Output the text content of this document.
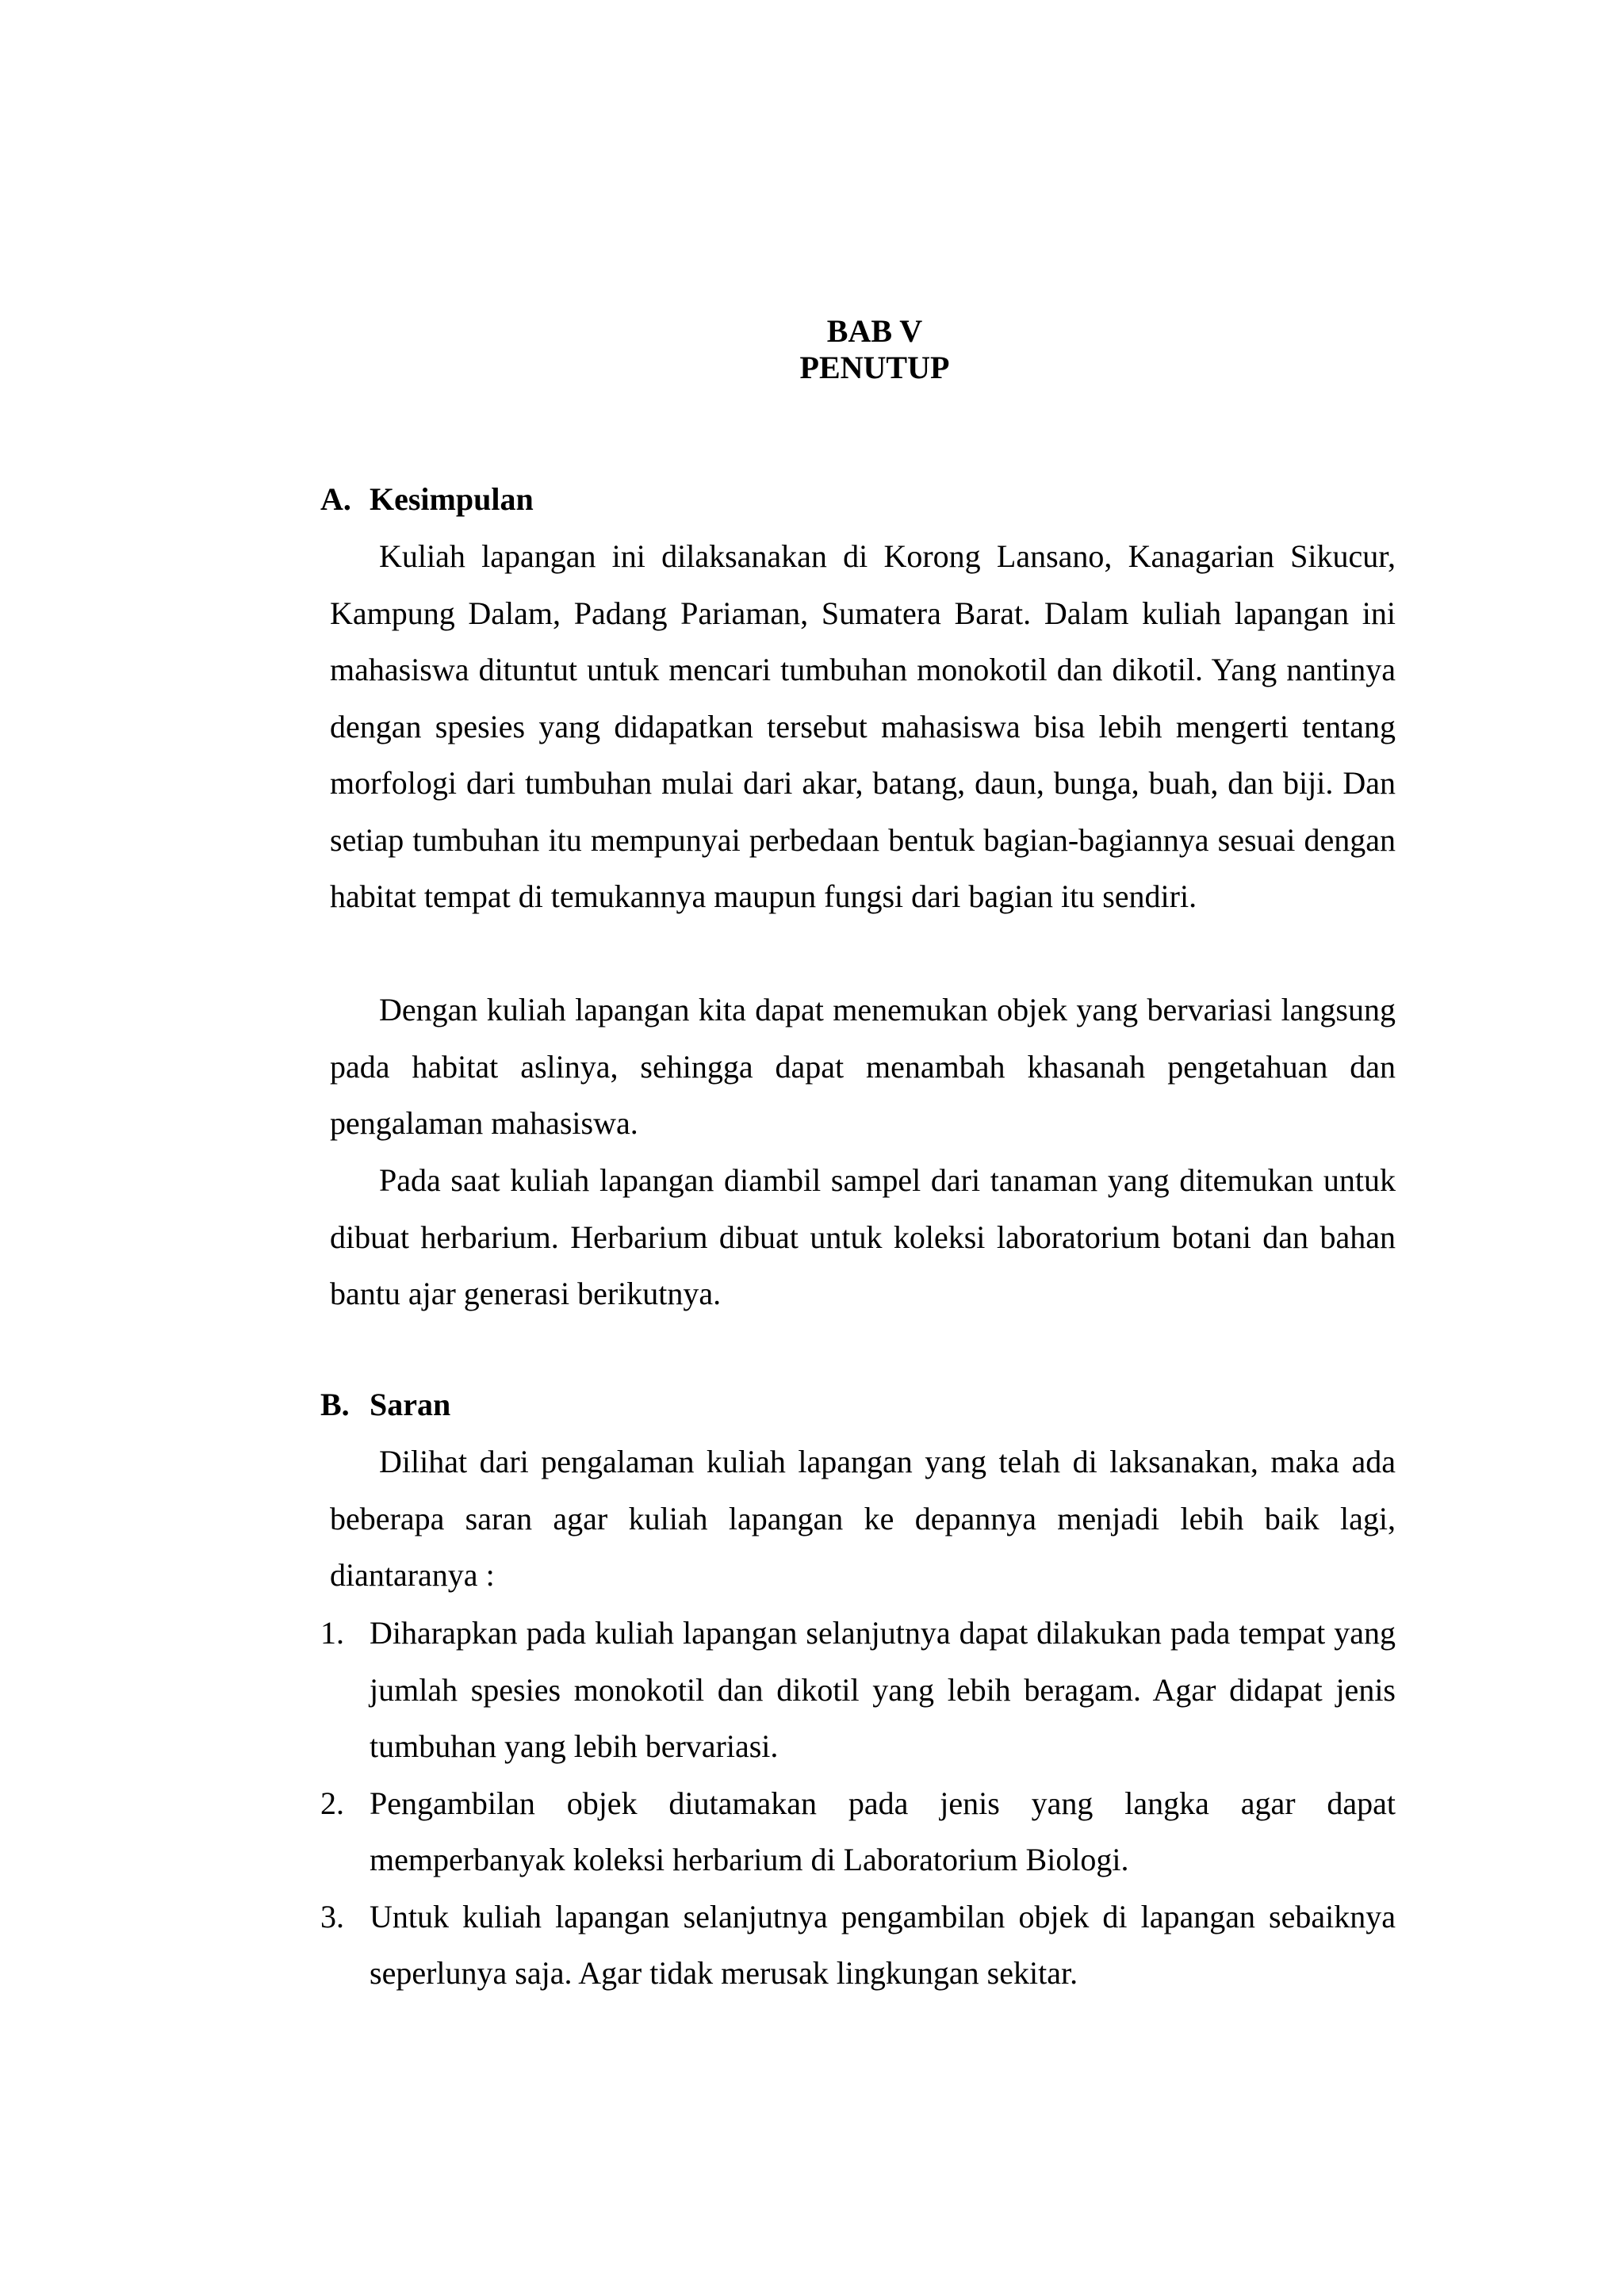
BAB V
PENUTUP
A. Kesimpulan

Kuliah lapangan ini dilaksanakan di Korong Lansano, Kanagarian Sikucur, Kampung Dalam, Padang Pariaman, Sumatera Barat. Dalam kuliah lapangan ini mahasiswa dituntut untuk mencari tumbuhan monokotil dan dikotil. Yang nantinya dengan spesies yang didapatkan tersebut mahasiswa bisa lebih mengerti tentang morfologi dari tumbuhan mulai dari akar, batang, daun, bunga, buah, dan biji. Dan setiap tumbuhan itu mempunyai perbedaan bentuk bagian-bagiannya sesuai dengan habitat tempat di temukannya maupun fungsi dari bagian itu sendiri.

Dengan kuliah lapangan kita dapat menemukan objek yang bervariasi langsung pada habitat aslinya, sehingga dapat menambah khasanah pengetahuan dan pengalaman mahasiswa.

Pada saat kuliah lapangan diambil sampel dari tanaman yang ditemukan untuk dibuat herbarium. Herbarium dibuat untuk koleksi laboratorium botani dan bahan bantu ajar generasi berikutnya.

B. Saran

Dilihat dari pengalaman kuliah lapangan yang telah di laksanakan, maka ada beberapa saran agar kuliah lapangan ke depannya menjadi lebih baik lagi, diantaranya :

1. Diharapkan pada kuliah lapangan selanjutnya dapat dilakukan pada tempat yang jumlah spesies monokotil dan dikotil yang lebih beragam. Agar didapat jenis tumbuhan yang lebih bervariasi.
2. Pengambilan objek diutamakan pada jenis yang langka agar dapat memperbanyak koleksi herbarium di Laboratorium Biologi.
3. Untuk kuliah lapangan selanjutnya pengambilan objek di lapangan sebaiknya seperlunya saja. Agar tidak merusak lingkungan sekitar.
